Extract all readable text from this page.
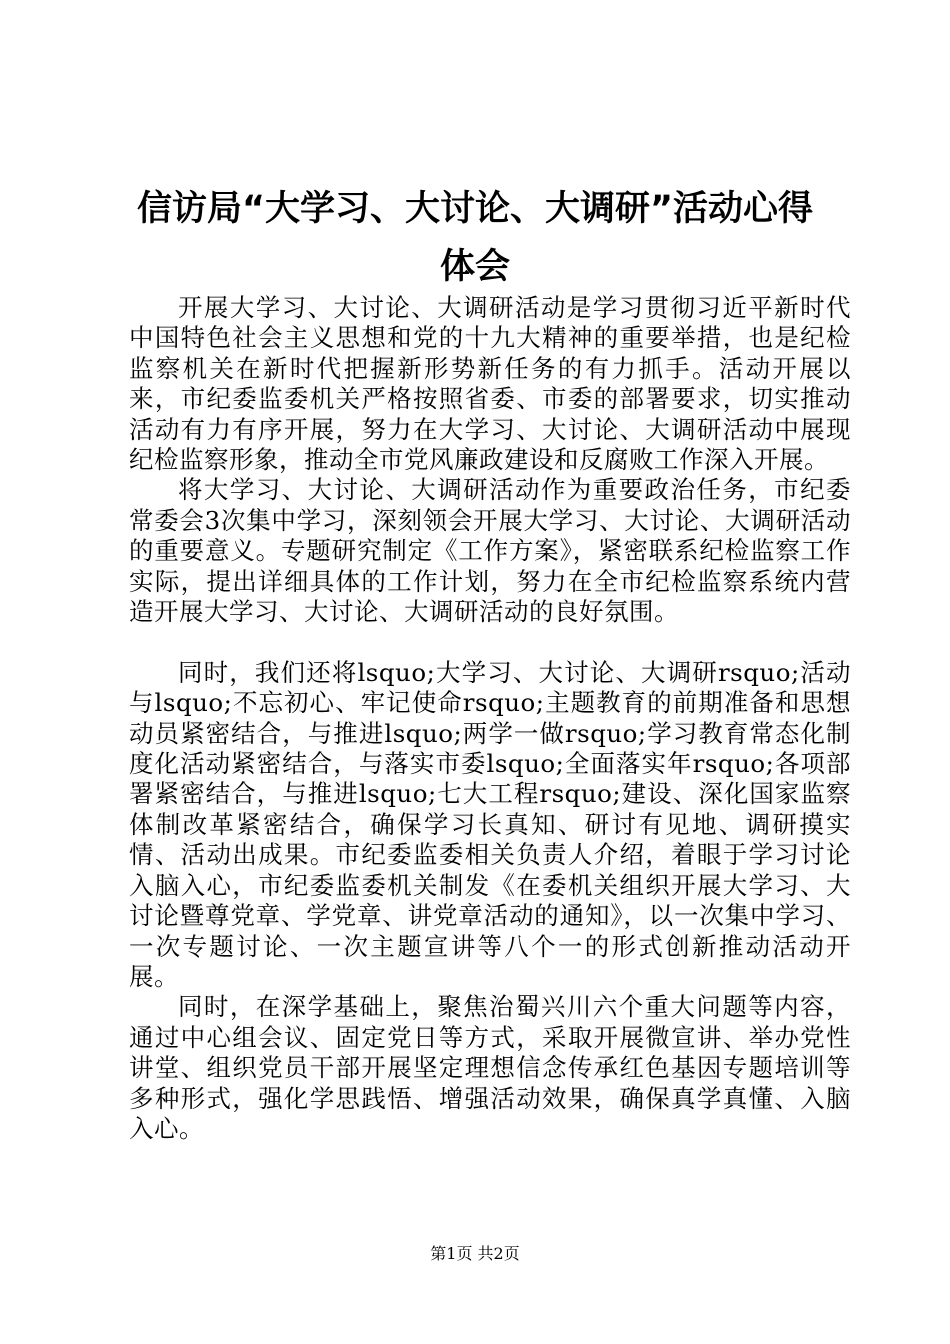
信访局“大学习、大讨论、大调研”活动心得
体会

开展大学习、大讨论、大调研活动是学习贯彻习近平新时代中国特色社会主义思想和党的十九大精神的重要举措，也是纪检监察机关在新时代把握新形势新任务的有力抓手。活动开展以来，市纪委监委机关严格按照省委、市委的部署要求，切实推动活动有力有序开展，努力在大学习、大讨论、大调研活动中展现纪检监察形象，推动全市党风廉政建设和反腐败工作深入开展。

将大学习、大讨论、大调研活动作为重要政治任务，市纪委常委会3次集中学习，深刻领会开展大学习、大讨论、大调研活动的重要意义。专题研究制定《工作方案》，紧密联系纪检监察工作实际，提出详细具体的工作计划，努力在全市纪检监察系统内营造开展大学习、大讨论、大调研活动的良好氛围。

同时，我们还将lsquo;大学习、大讨论、大调研rsquo;活动与lsquo;不忘初心、牢记使命rsquo;主题教育的前期准备和思想动员紧密结合，与推进lsquo;两学一做rsquo;学习教育常态化制度化活动紧密结合，与落实市委lsquo;全面落实年rsquo;各项部署紧密结合，与推进lsquo;七大工程rsquo;建设、深化国家监察体制改革紧密结合，确保学习长真知、研讨有见地、调研摸实情、活动出成果。市纪委监委相关负责人介绍，着眼于学习讨论入脑入心，市纪委监委机关制发《在委机关组织开展大学习、大讨论暨尊党章、学党章、讲党章活动的通知》，以一次集中学习、一次专题讨论、一次主题宣讲等八个一的形式创新推动活动开展。

同时，在深学基础上，聚焦治蜀兴川六个重大问题等内容，通过中心组会议、固定党日等方式，采取开展微宣讲、举办党性讲堂、组织党员干部开展坚定理想信念传承红色基因专题培训等多种形式，强化学思践悟、增强活动效果，确保真学真懂、入脑入心。

第1页 共2页
